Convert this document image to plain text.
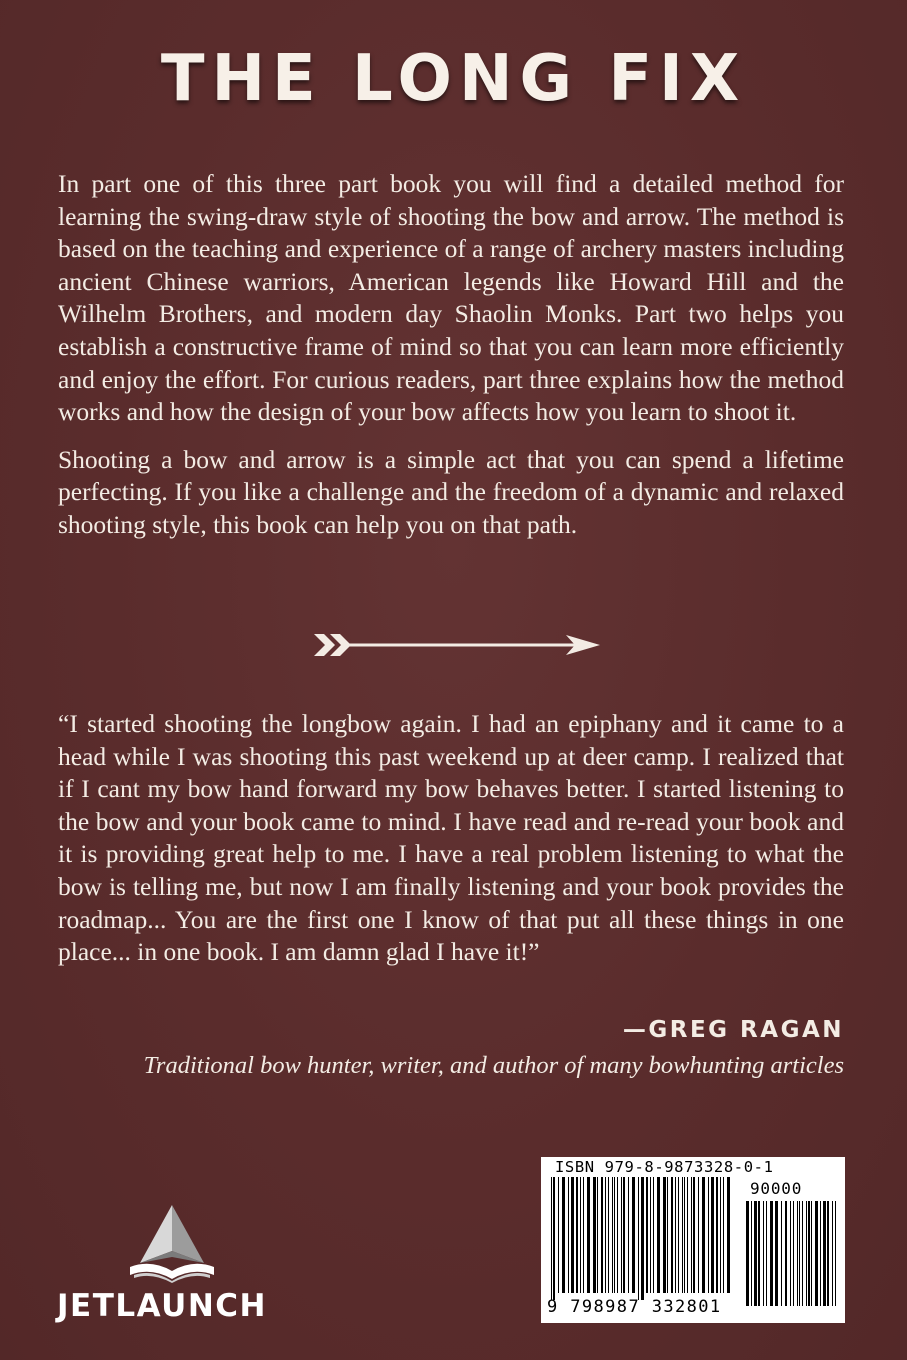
THE LONG FIX

In part one of this three part book you will find a detailed method for learning the swing-draw style of shooting the bow and arrow. The method is based on the teaching and experience of a range of archery masters including ancient Chinese warriors, American legends like Howard Hill and the Wilhelm Brothers, and modern day Shaolin Monks. Part two helps you establish a constructive frame of mind so that you can learn more efficiently and enjoy the effort. For curious readers, part three explains how the method works and how the design of your bow affects how you learn to shoot it.

Shooting a bow and arrow is a simple act that you can spend a lifetime perfecting. If you like a challenge and the freedom of a dynamic and relaxed shooting style, this book can help you on that path.

“I started shooting the longbow again. I had an epiphany and it came to a head while I was shooting this past weekend up at deer camp. I realized that if I cant my bow hand forward my bow behaves better. I started listening to the bow and your book came to mind. I have read and re-read your book and it is providing great help to me. I have a real problem listening to what the bow is telling me, but now I am finally listening and your book provides the roadmap... You are the first one I know of that put all these things in one place... in one book. I am damn glad I have it!”

—GREG RAGAN
Traditional bow hunter, writer, and author of many bowhunting articles
JETLAUNCH
ISBN 979-8-9873328-0-1
90000
9 798987 332801
